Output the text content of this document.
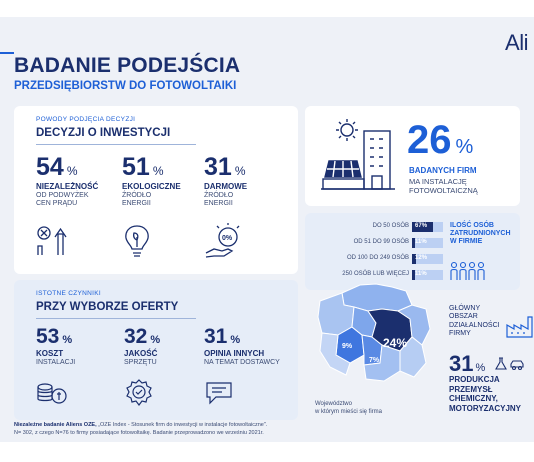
Ali
BADANIE PODEJŚCIA
PRZEDSIĘBIORSTW DO FOTOWOLTAIKI
POWODY PODJĘCIA DECYZJI
DECYZJI O INWESTYCJI
54 %
NIEZALEŻNOŚĆ
OD PODWYŻEK
CEN PRĄDU
51 %
EKOLOGICZNE
ŹRÓDŁO
ENERGII
31 %
DARMOWE
ŹRÓDŁO
ENERGII
0%
ISTOTNE CZYNNIKI
PRZY WYBORZE OFERTY
53 %
KOSZT
INSTALACJI
32 %
JAKOŚĆ
SPRZĘTU
31 %
OPINIA INNYCH
NA TEMAT DOSTAWCY
26 %
BADANYCH FIRM
MA INSTALACJĘ
FOTOWOLTAICZNĄ
DO 50 OSÓB 67%
OD 51 DO 99 OSÓB 11%
OD 100 DO 249 OSÓB 12%
250 OSÓB LUB WIĘCEJ 11%
ILOŚĆ OSÓB
ZATRUDNIONYCH
W FIRMIE
9%
7%
24%
Województwo
w którym mieści się firma
GŁÓWNY
OBSZAR
DZIAŁALNOŚCI
FIRMY
31 %
PRODUKCJA
PRZEMYSŁ
CHEMICZNY,
MOTORYZACYJNY
Niezależne badanie Aliens OZE, „OZE Index - Stosunek firm do inwestycji w instalacje fotowoltaiczne".
N= 302, z czego N=76 to firmy posiadające fotowoltaikę. Badanie przeprowadzono we wrześniu 2021r.
